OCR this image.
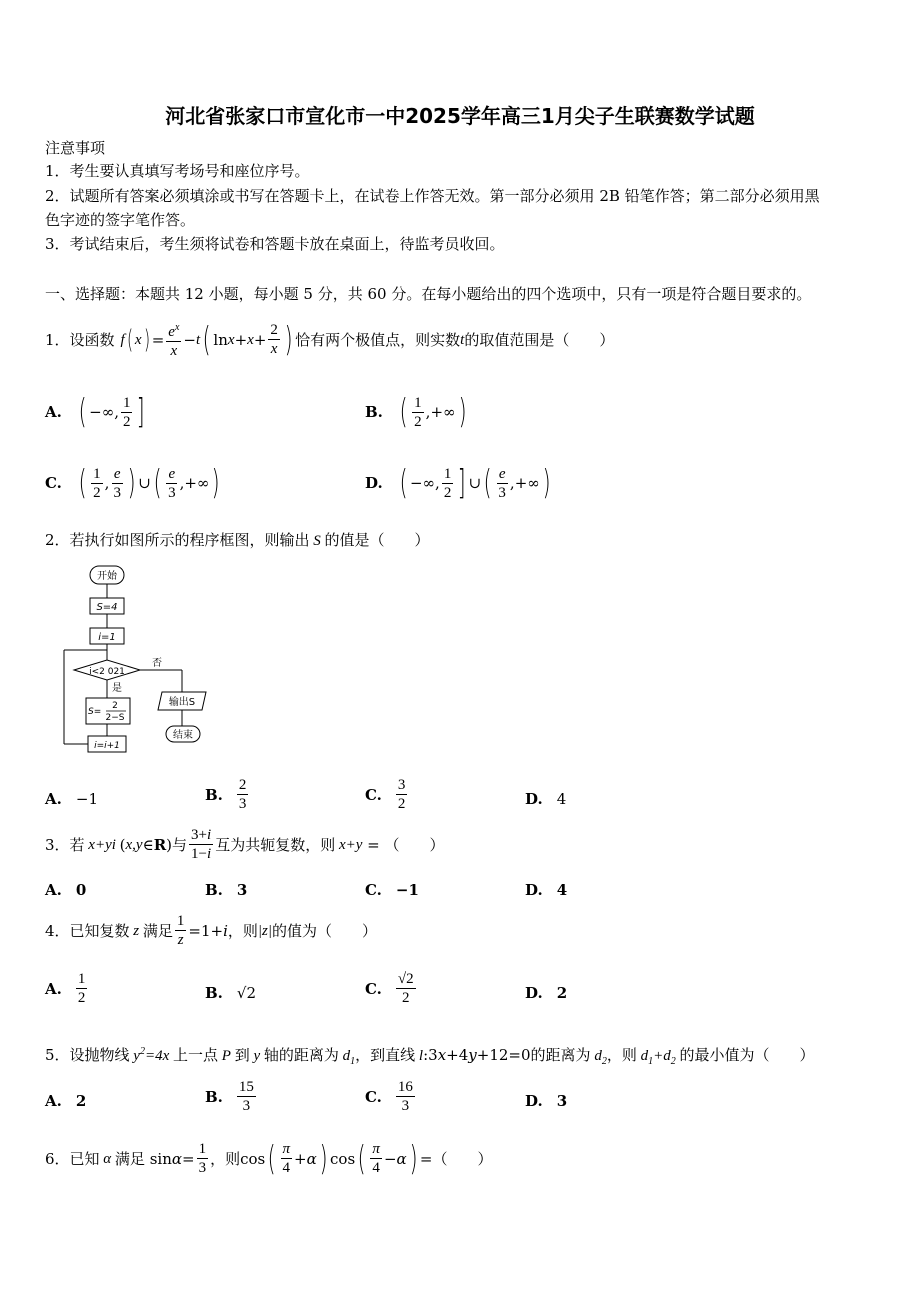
河北省张家口市宣化市一中2025学年高三1月尖子生联赛数学试题
注意事项
1．考生要认真填写考场号和座位序号。
2．试题所有答案必须填涂或书写在答题卡上，在试卷上作答无效。第一部分必须用 2B 铅笔作答；第二部分必须用黑
色字迹的签字笔作答。
3．考试结束后，考生须将试卷和答题卡放在桌面上，待监考员收回。
一、选择题：本题共 12 小题，每小题 5 分，共 60 分。在每小题给出的四个选项中，只有一项是符合题目要求的。
1．设函数 f ( x ) = $\frac{e^x}{x} - t$ ( $\ln x + x + \frac{2}{x}$ ) 恰有两个极值点，则实数 t 的取值范围是（　　）
A. ( −∞, $\frac{1}{2}$ ]	B. ( $\frac{1}{2}$ ,+∞ )
C. ( $\frac{1}{2}$ , $\frac{e}{3}$ ) ∪ ( $\frac{e}{3}$ ,+∞ )	D. ( −∞, $\frac{1}{2}$ ] ∪ ( $\frac{e}{3}$ ,+∞ )
2．若执行如图所示的程序框图，则输出 S 的值是（　　）
开始
S=4
i=1
i<2 021
否
是
输出S
结束
S=
2
2−S
i=i+1
A. −1	B. $\frac{2}{3}$	C. $\frac{3}{2}$	D. 4
3．若 x+yi ( x,y ∈ R ) 与 $\frac{3+i}{1-i}$ 互为共轭复数，则 x+y = （　　）
A. 0	B. 3	C. −1	D. 4
4．已知复数 z 满足 $\frac{1}{z} =1+i$ ，则 |z| 的值为（　　）
A. $\frac{1}{2}$	B. √2	C. $\frac{√2}{2}$	D. 2
5．设抛物线 $y^2=4x$ 上一点 P 到 y 轴的距离为 $d_1$，到直线 l:3x+4y+12=0的距离为 $d_2$，则 $d_1+d_2$ 的最小值为（　　）
A. 2	B. $\frac{15}{3}$	C. $\frac{16}{3}$	D. 3
6．已知 α 满足 $\sin\alpha= \frac{1}{3}$ ，则 cos ( $\frac{\pi}{4} +\alpha$ ) cos ( $\frac{\pi}{4} -\alpha$ ) = （　　）
